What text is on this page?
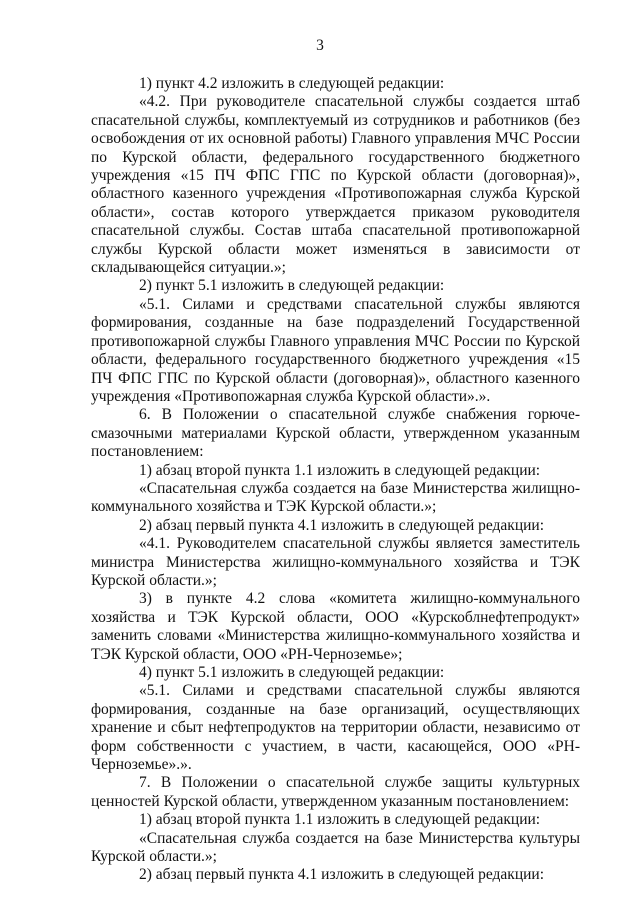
3

1) пункт 4.2 изложить в следующей редакции:

«4.2. При руководителе спасательной службы создается штаб спасательной службы, комплектуемый из сотрудников и работников (без освобождения от их основной работы) Главного управления МЧС России по Курской области, федерального государственного бюджетного учреждения «15 ПЧ ФПС ГПС по Курской области (договорная)», областного казенного учреждения «Противопожарная служба Курской области», состав которого утверждается приказом руководителя спасательной службы. Состав штаба спасательной противопожарной службы Курской области может изменяться в зависимости от складывающейся ситуации.»;

2) пункт 5.1 изложить в следующей редакции:

«5.1. Силами и средствами спасательной службы являются формирования, созданные на базе подразделений Государственной противопожарной службы Главного управления МЧС России по Курской области, федерального государственного бюджетного учреждения «15 ПЧ ФПС ГПС по Курской области (договорная)», областного казенного учреждения «Противопожарная служба Курской области».».

6. В Положении о спасательной службе снабжения горюче-смазочными материалами Курской области, утвержденном указанным постановлением:

1) абзац второй пункта 1.1 изложить в следующей редакции:

«Спасательная служба создается на базе Министерства жилищно-коммунального хозяйства и ТЭК Курской области.»;

2) абзац первый пункта 4.1 изложить в следующей редакции:

«4.1. Руководителем спасательной службы является заместитель министра Министерства жилищно-коммунального хозяйства и ТЭК Курской области.»;

3) в пункте 4.2 слова «комитета жилищно-коммунального хозяйства и ТЭК Курской области, ООО «Курскоблнефтепродукт» заменить словами «Министерства жилищно-коммунального хозяйства и ТЭК Курской области, ООО «РН-Черноземье»;

4) пункт 5.1 изложить в следующей редакции:

«5.1. Силами и средствами спасательной службы являются формирования, созданные на базе организаций, осуществляющих хранение и сбыт нефтепродуктов на территории области, независимо от форм собственности с участием, в части, касающейся, ООО «РН-Черноземье».».

7. В Положении о спасательной службе защиты культурных ценностей Курской области, утвержденном указанным постановлением:

1) абзац второй пункта 1.1 изложить в следующей редакции:

«Спасательная служба создается на базе Министерства культуры Курской области.»;

2) абзац первый пункта 4.1 изложить в следующей редакции:
